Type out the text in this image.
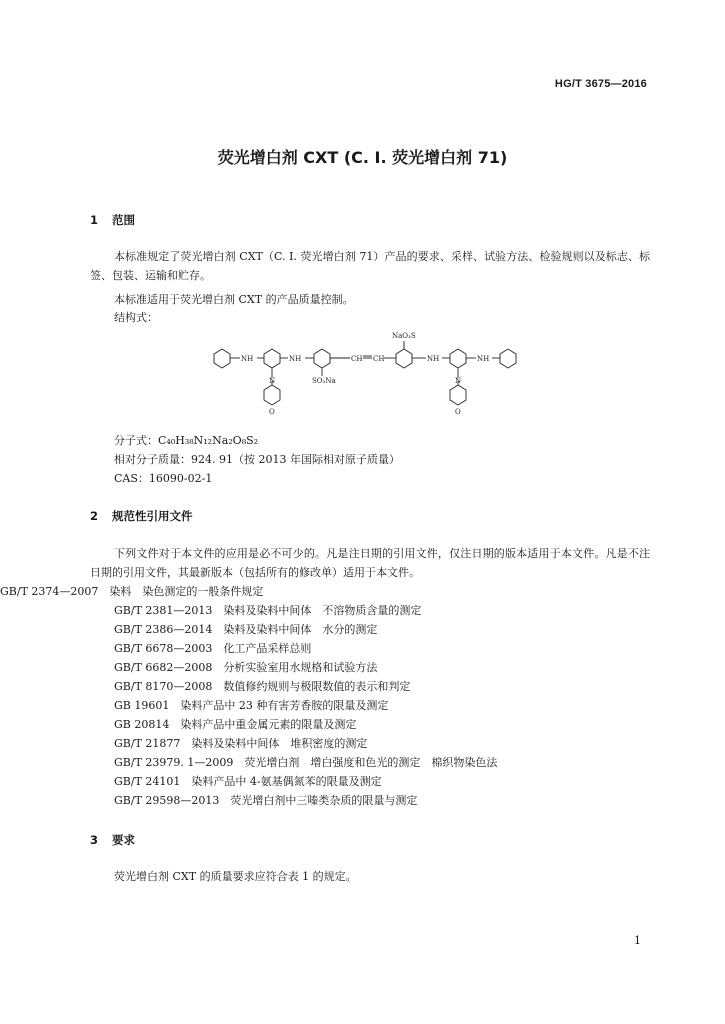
HG/T 3675—2016
荧光增白剂 CXT (C. I. 荧光增白剂 71)
1 范围
本标准规定了荧光增白剂 CXT（C. I. 荧光增白剂 71）产品的要求、采样、试验方法、检验规则以及标志、标签、包装、运输和贮存。
本标准适用于荧光增白剂 CXT 的产品质量控制。
结构式：
NH	NH	CH CH	NH	NH
N
O
N
O
SO₃Na
NaO₃S
分子式：C₄₀H₃₈N₁₂Na₂O₈S₂
相对分子质量：924. 91（按 2013 年国际相对原子质量）
CAS：16090-02-1
2 规范性引用文件
下列文件对于本文件的应用是必不可少的。凡是注日期的引用文件，仅注日期的版本适用于本文件。凡是不注日期的引用文件，其最新版本（包括所有的修改单）适用于本文件。
GB/T 2374—2007　 染料　染色测定的一般条件规定
GB/T 2381—2013　 染料及染料中间体　不溶物质含量的测定
GB/T 2386—2014　 染料及染料中间体　水分的测定
GB/T 6678—2003　 化工产品采样总则
GB/T 6682—2008　 分析实验室用水规格和试验方法
GB/T 8170—2008　 数值修约规则与极限数值的表示和判定
GB 19601　 染料产品中 23 种有害芳香胺的限量及测定
GB 20814　 染料产品中重金属元素的限量及测定
GB/T 21877　 染料及染料中间体　堆积密度的测定
GB/T 23979. 1—2009　 荧光增白剂　增白强度和色光的测定　棉织物染色法
GB/T 24101　 染料产品中 4-氨基偶氮苯的限量及测定
GB/T 29598—2013　 荧光增白剂中三嗪类杂质的限量与测定
3 要求
荧光增白剂 CXT 的质量要求应符合表 1 的规定。
1
